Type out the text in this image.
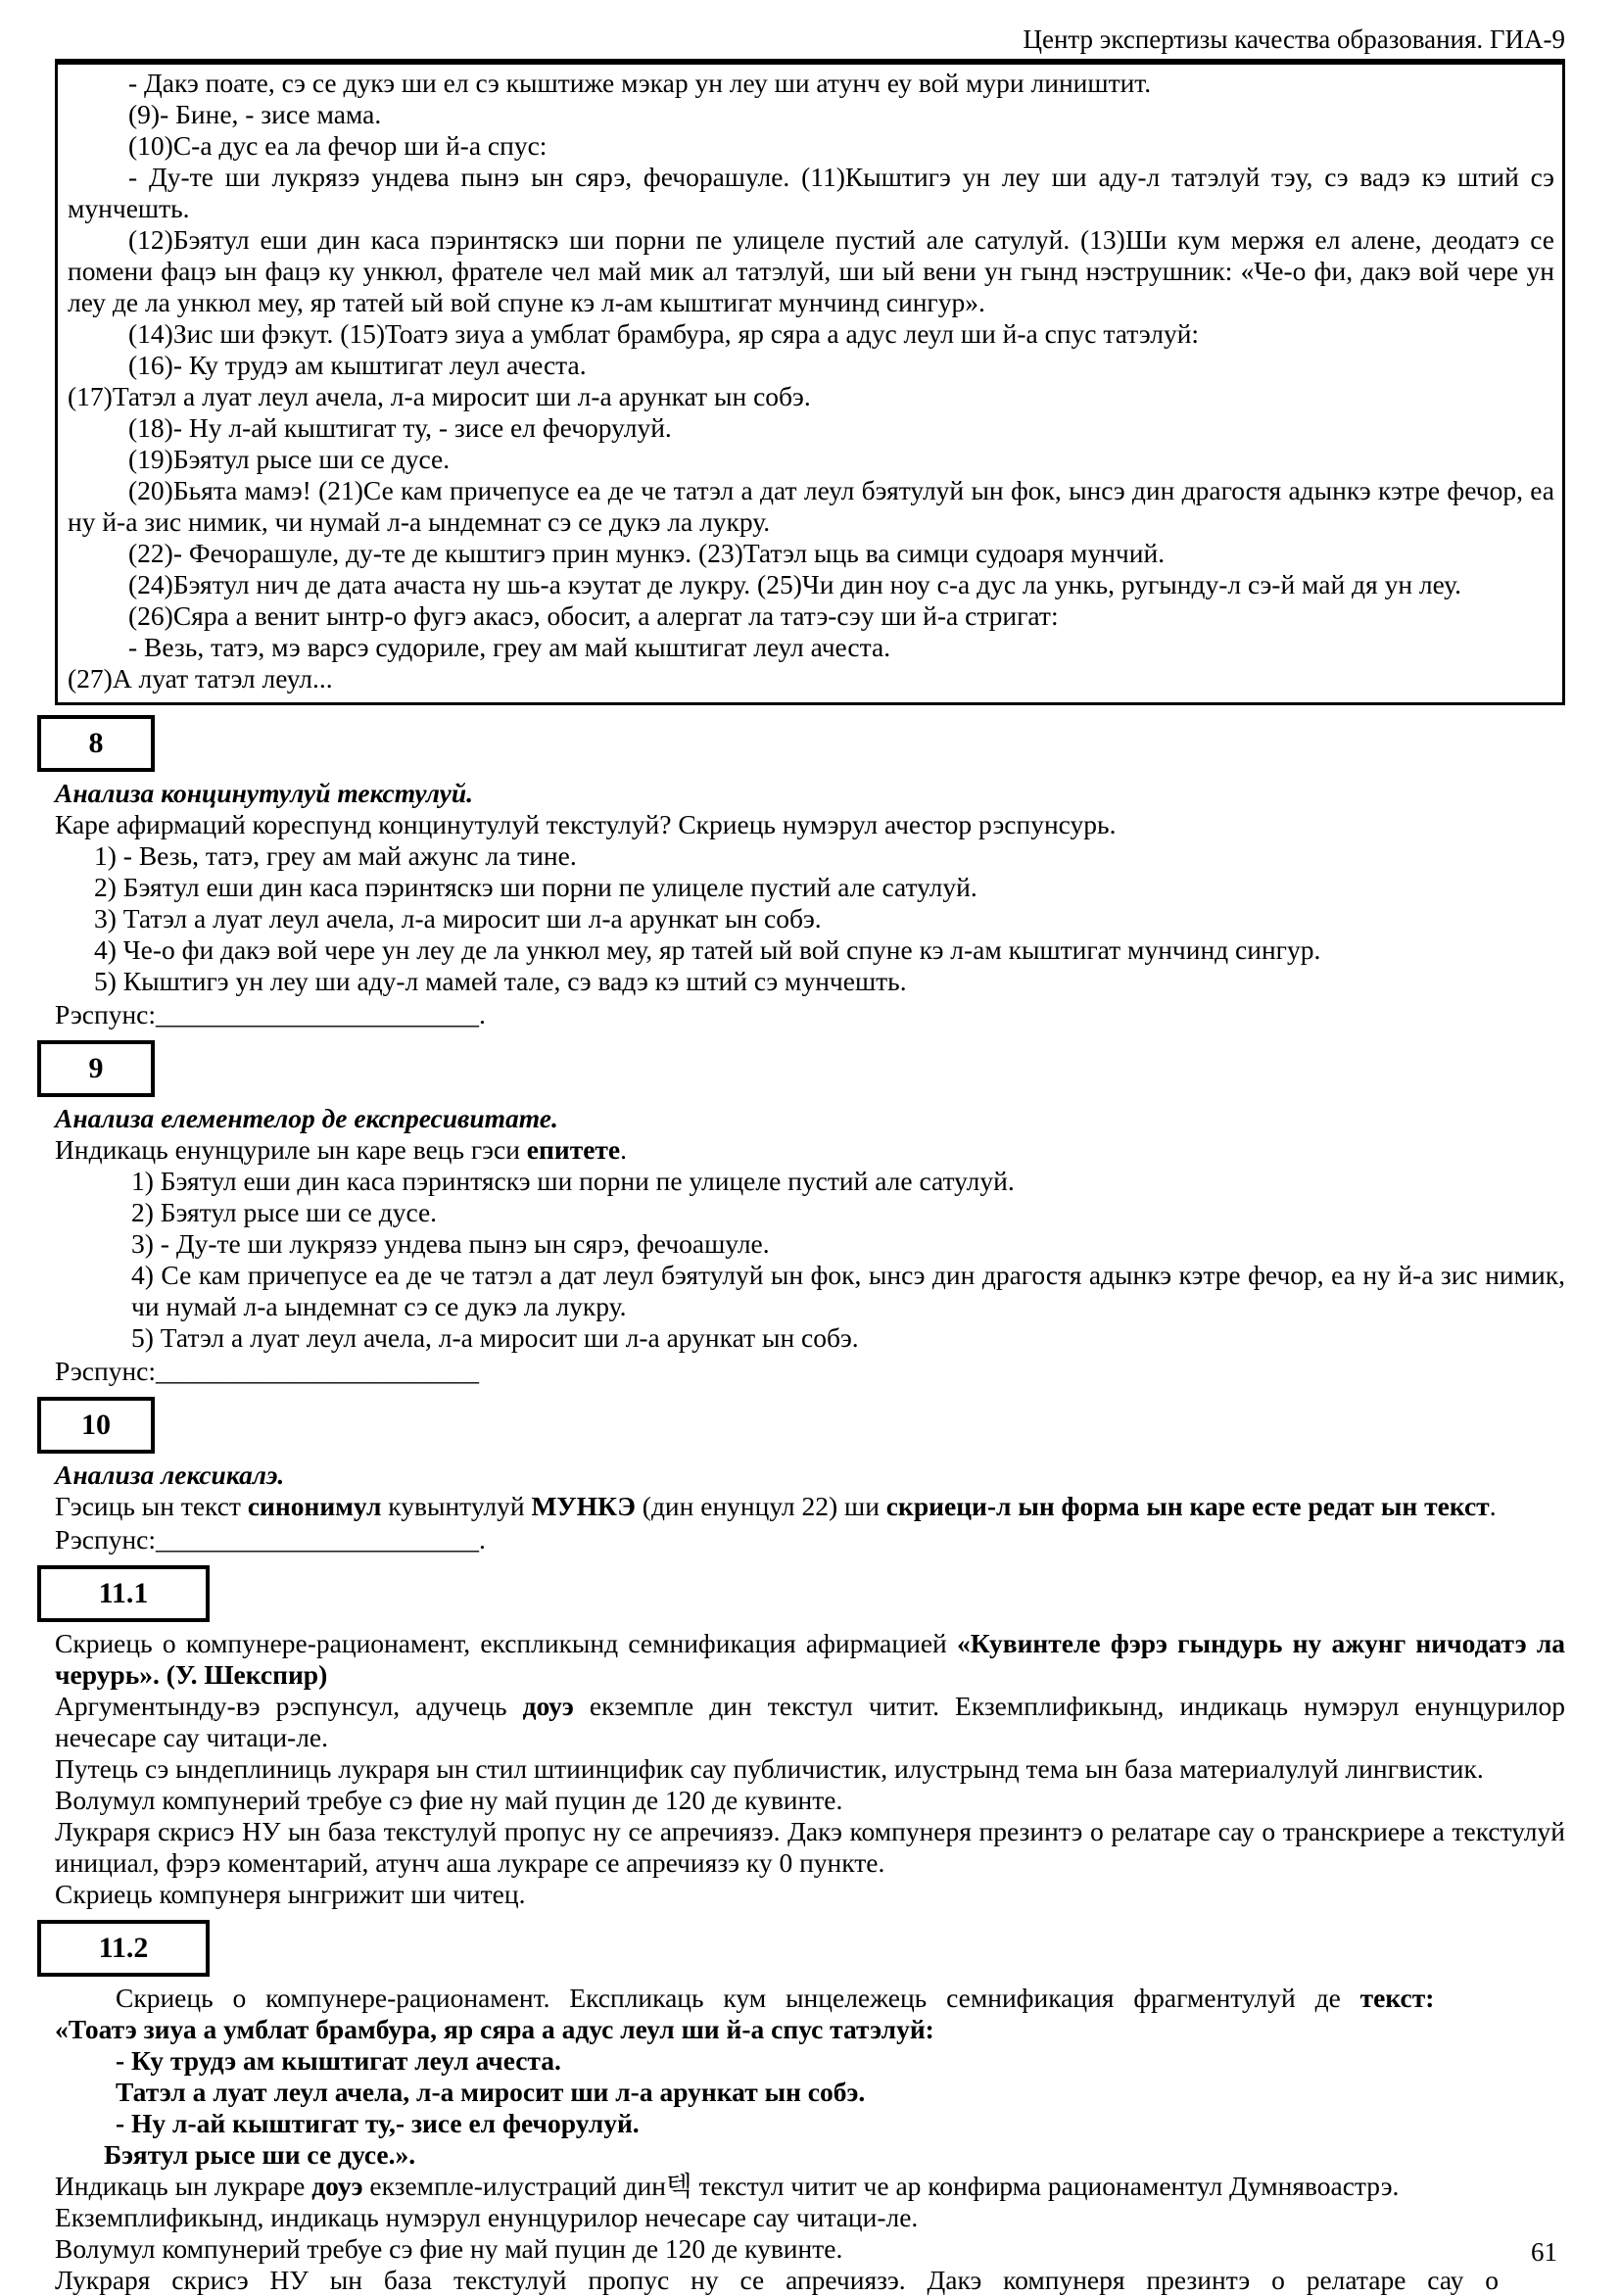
Центр экспертизы качества образования. ГИА-9

- Дакэ поате, сэ се дукэ ши ел сэ кыштиже мэкар ун леу ши атунч еу вой мури лиништит.

(9)- Бине, - зисе мама.

(10)С-а дус еа ла фечор ши й-а спус:

- Ду-те ши лукрязэ ундева пынэ ын сярэ, фечорашуле. (11)Кыштигэ ун леу ши аду-л татэлуй тэу, сэ вадэ кэ штий сэ мунчешть.

(12)Бэятул еши дин каса пэринтяскэ ши порни пе улицеле пустий але сатулуй. (13)Ши кум мержя ел алене, деодатэ се помени фацэ ын фацэ ку ункюл, фрателе чел май мик ал татэлуй, ши ый вени ун гынд нэструшник: «Че-о фи, дакэ вой чере ун леу де ла ункюл меу, яр татей ый вой спуне кэ л-ам кыштигат мунчинд сингур».

(14)Зис ши фэкут. (15)Тоатэ зиуа а умблат брамбура, яр сяра а адус леул ши й-а спус татэлуй:

(16)- Ку трудэ ам кыштигат леул ачеста.

(17)Татэл а луат леул ачела, л-а миросит ши л-а арункат ын собэ.

(18)- Ну л-ай кыштигат ту, - зисе ел фечорулуй.

(19)Бэятул рысе ши се дусе.

(20)Бьята мамэ! (21)Се кам причепусе еа де че татэл а дат леул бэятулуй ын фок, ынсэ дин драгостя адынкэ кэтре фечор, еа ну й-а зис нимик, чи нумай л-а ындемнат сэ се дукэ ла лукру.

(22)- Фечорашуле, ду-те де кыштигэ прин мункэ. (23)Татэл ыць ва симци судоаря мунчий.

(24)Бэятул нич де дата ачаста ну шь-а кэутат де лукру. (25)Чи дин ноу с-а дус ла ункь, ругынду-л сэ-й май дя ун леу.

(26)Сяра а венит ынтр-о фугэ акасэ, обосит, а алергат ла татэ-сэу ши й-а стригат:

- Везь, татэ, мэ варсэ судориле, греу ам май кыштигат леул ачеста.

(27)А луат татэл леул...

8

Анализа концинутулуй текстулуй.

Каре афирмаций кореспунд концинутулуй текстулуй? Скриець нумэрул ачестор рэспунсурь.

1) - Везь, татэ, греу ам май ажунс ла тине.

2) Бэятул еши дин каса пэринтяскэ ши порни пе улицеле пустий але сатулуй.

3) Татэл а луат леул ачела, л-а миросит ши л-а арункат ын собэ.

4) Че-о фи дакэ вой чере ун леу де ла ункюл меу, яр татей ый вой спуне кэ л-ам кыштигат мунчинд сингур.

5) Кыштигэ ун леу ши аду-л мамей тале, сэ вадэ кэ штий сэ мунчешть.

Рэспунс:________________________.

9

Анализа елементелор де експресивитате.

Индикаць енунцуриле ын каре вець гэси епитете.

1) Бэятул еши дин каса пэринтяскэ ши порни пе улицеле пустий але сатулуй.

2) Бэятул рысе ши се дусе.

3) - Ду-те ши лукрязэ ундева пынэ ын сярэ, фечоашуле.

4) Се кам причепусе еа де че татэл а дат леул бэятулуй ын фок, ынсэ дин драгостя адынкэ кэтре фечор, еа ну й-а зис нимик, чи нумай л-а ындемнат сэ се дукэ ла лукру.

5) Татэл а луат леул ачела, л-а миросит ши л-а арункат ын собэ.

Рэспунс:________________________

10

Анализа лексикалэ.

Гэсиць ын текст синонимул кувынтулуй МУНКЭ (дин енунцул 22) ши скриеци-л ын форма ын каре есте редат ын текст.

Рэспунс:________________________.

11.1

Скриець о компунере-рационамент, експликынд семнификация афирмацией «Кувинтеле фэрэ гындурь ну ажунг ничодатэ ла черурь». (У. Шекспир)

Аргументынду-вэ рэспунсул, адучець доуэ екземпле дин текстул читит. Екземплификынд, индикаць нумэрул енунцурилор нечесаре сау читаци-ле.

Путець сэ ындеплиниць лукраря ын стил штиинцифик сау публичистик, илустрынд тема ын база материалулуй лингвистик.

Волумул компунерий требуе сэ фие ну май пуцин де 120 де кувинте.

Лукраря скрисэ НУ ын база текстулуй пропус ну се апречиязэ. Дакэ компунеря презинтэ о релатаре сау о транскриере а текстулуй инициал, фэрэ коментарий, атунч аша лукраре се апречиязэ ку 0 пункте.

Скриець компунеря ынгрижит ши читец.

11.2

Скриець о компунере-рационамент. Експликаць кум ынцележець семнификация фрагментулуй де текст:

«Тоатэ зиуа а умблат брамбура, яр сяра а адус леул ши й-а спус татэлуй:

- Ку трудэ ам кыштигат леул ачеста.

Татэл а луат леул ачела, л-а миросит ши л-а арункат ын собэ.

- Ну л-ай кыштигат ту,- зисе ел фечорулуй.

Бэятул рысе ши се дусе.».

Индикаць ын лукраре доуэ екземпле-илустраций дин텍 текстул читит че ар конфирма рационаментул Думнявоастрэ.

Екземплификынд, индикаць нумэрул енунцурилор нечесаре сау читаци-ле.

Волумул компунерий требуе сэ фие ну май пуцин де 120 де кувинте.

Лукраря скрисэ НУ ын база текстулуй пропус ну се апречиязэ. Дакэ компунеря презинтэ о релатаре сау о

61
